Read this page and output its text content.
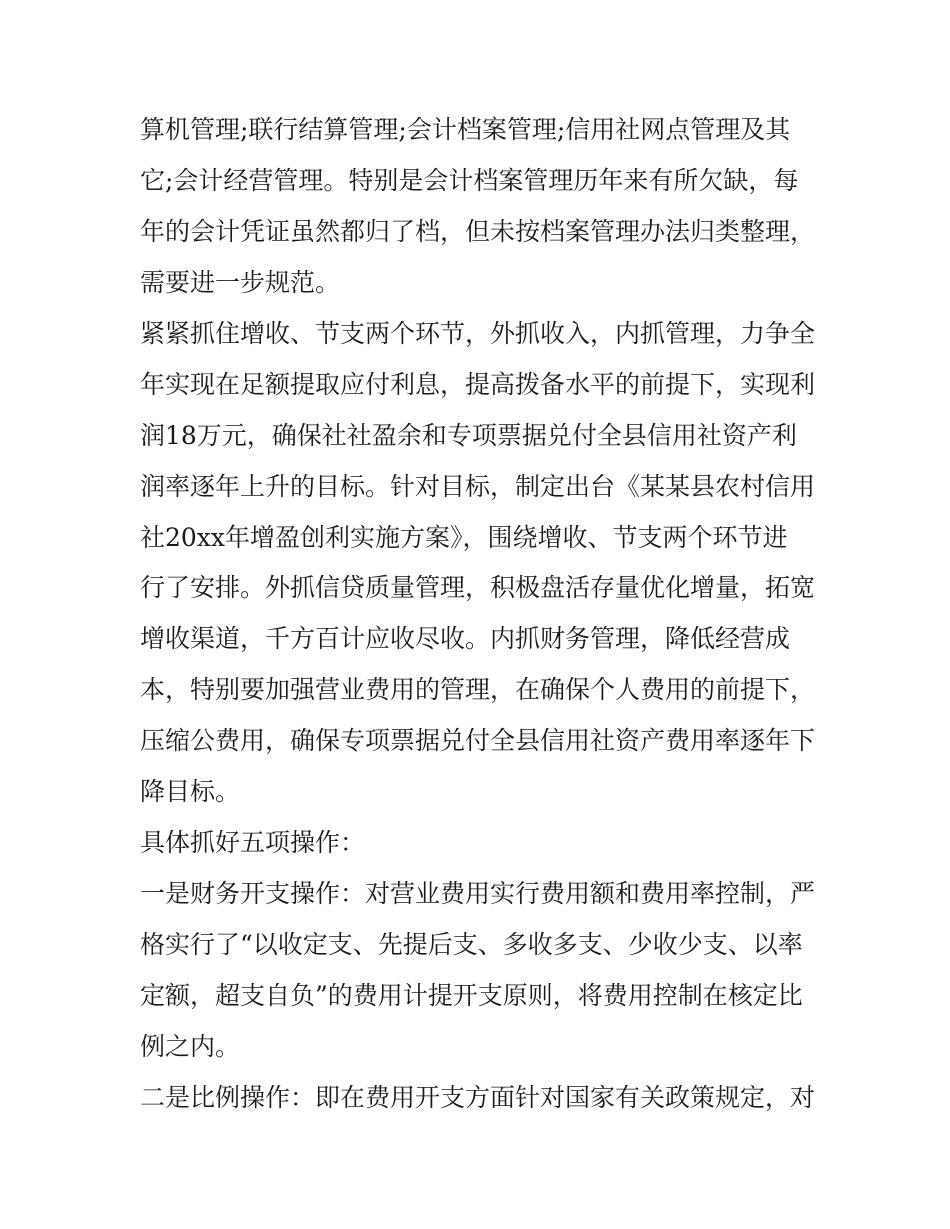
算机管理;联行结算管理;会计档案管理;信用社网点管理及其
它;会计经营管理。特别是会计档案管理历年来有所欠缺，每
年的会计凭证虽然都归了档，但未按档案管理办法归类整理，
需要进一步规范。
紧紧抓住增收、节支两个环节，外抓收入，内抓管理，力争全
年实现在足额提取应付利息，提高拨备水平的前提下，实现利
润18万元，确保社社盈余和专项票据兑付全县信用社资产利
润率逐年上升的目标。针对目标，制定出台《某某县农村信用
社20xx年增盈创利实施方案》，围绕增收、节支两个环节进
行了安排。外抓信贷质量管理，积极盘活存量优化增量，拓宽
增收渠道，千方百计应收尽收。内抓财务管理，降低经营成
本，特别要加强营业费用的管理，在确保个人费用的前提下，
压缩公费用，确保专项票据兑付全县信用社资产费用率逐年下
降目标。
具体抓好五项操作：
一是财务开支操作：对营业费用实行费用额和费用率控制，严
格实行了“以收定支、先提后支、多收多支、少收少支、以率
定额，超支自负”的费用计提开支原则，将费用控制在核定比
例之内。
二是比例操作：即在费用开支方面针对国家有关政策规定，对
